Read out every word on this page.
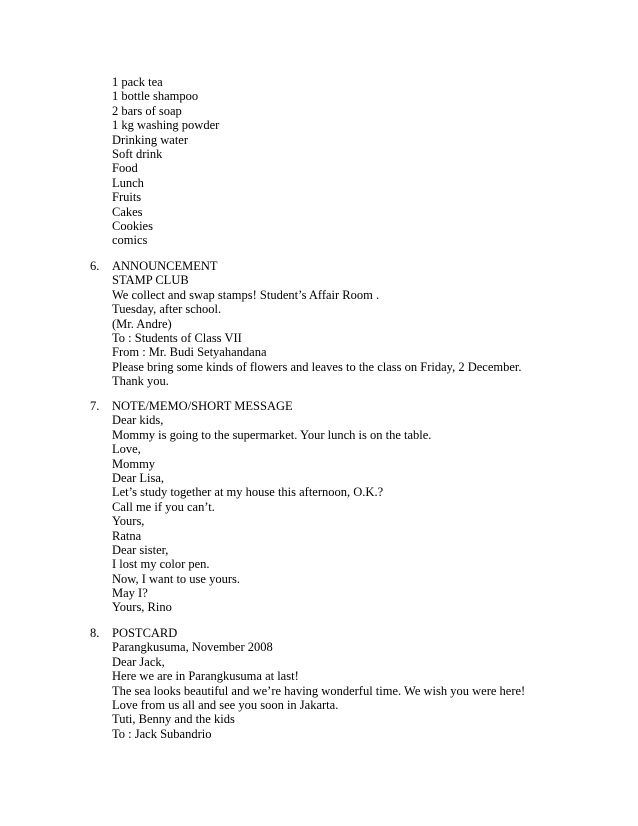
1 pack tea
1 bottle shampoo
2 bars of soap
1 kg washing powder
Drinking water
Soft drink
Food
Lunch
Fruits
Cakes
Cookies
comics
6. ANNOUNCEMENT
STAMP CLUB
We collect and swap stamps! Student’s Affair Room .
Tuesday, after school.
(Mr. Andre)
To : Students of Class VII
From : Mr. Budi Setyahandana
Please bring some kinds of flowers and leaves to the class on Friday, 2 December.
Thank you.
7. NOTE/MEMO/SHORT MESSAGE
Dear kids,
Mommy is going to the supermarket. Your lunch is on the table.
Love,
Mommy
Dear Lisa,
Let’s study together at my house this afternoon, O.K.?
Call me if you can’t.
Yours,
Ratna
Dear sister,
I lost my color pen.
Now, I want to use yours.
May I?
Yours, Rino
8. POSTCARD
Parangkusuma, November 2008
Dear Jack,
Here we are in Parangkusuma at last!
The sea looks beautiful and we’re having wonderful time. We wish you were here!
Love from us all and see you soon in Jakarta.
Tuti, Benny and the kids
To : Jack Subandrio
